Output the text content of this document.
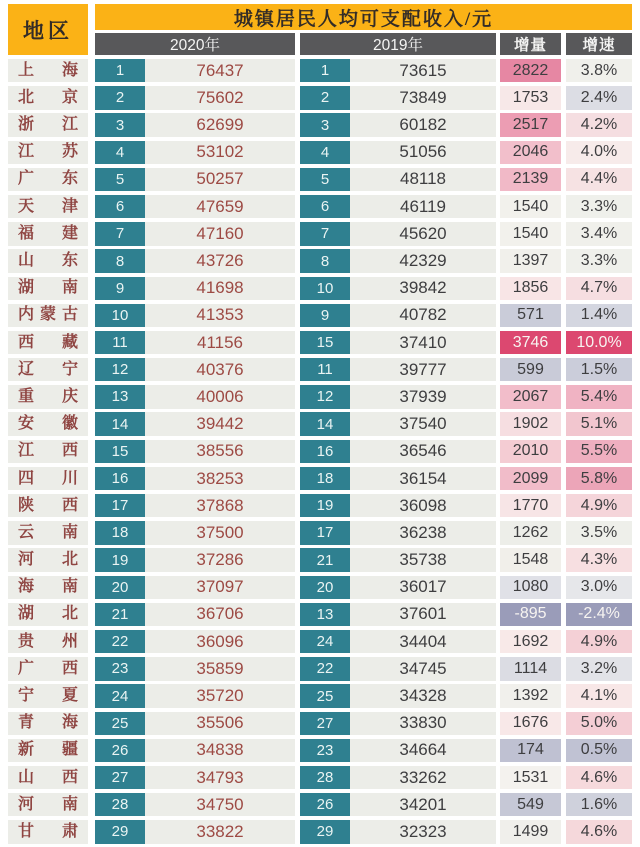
地区	城镇居民人均可支配收入/元
2020年	2019年	增量	增速
上 海	1	76437	1	73615	2822	3.8%
北 京	2	75602	2	73849	1753	2.4%
浙 江	3	62699	3	60182	2517	4.2%
江 苏	4	53102	4	51056	2046	4.0%
广 东	5	50257	5	48118	2139	4.4%
天 津	6	47659	6	46119	1540	3.3%
福 建	7	47160	7	45620	1540	3.4%
山 东	8	43726	8	42329	1397	3.3%
湖 南	9	41698	10	39842	1856	4.7%
内 蒙 古	10	41353	9	40782	571	1.4%
西 藏	11	41156	15	37410	3746	10.0%
辽 宁	12	40376	11	39777	599	1.5%
重 庆	13	40006	12	37939	2067	5.4%
安 徽	14	39442	14	37540	1902	5.1%
江 西	15	38556	16	36546	2010	5.5%
四 川	16	38253	18	36154	2099	5.8%
陕 西	17	37868	19	36098	1770	4.9%
云 南	18	37500	17	36238	1262	3.5%
河 北	19	37286	21	35738	1548	4.3%
海 南	20	37097	20	36017	1080	3.0%
湖 北	21	36706	13	37601	-895	-2.4%
贵 州	22	36096	24	34404	1692	4.9%
广 西	23	35859	22	34745	1114	3.2%
宁 夏	24	35720	25	34328	1392	4.1%
青 海	25	35506	27	33830	1676	5.0%
新 疆	26	34838	23	34664	174	0.5%
山 西	27	34793	28	33262	1531	4.6%
河 南	28	34750	26	34201	549	1.6%
甘 肃	29	33822	29	32323	1499	4.6%
